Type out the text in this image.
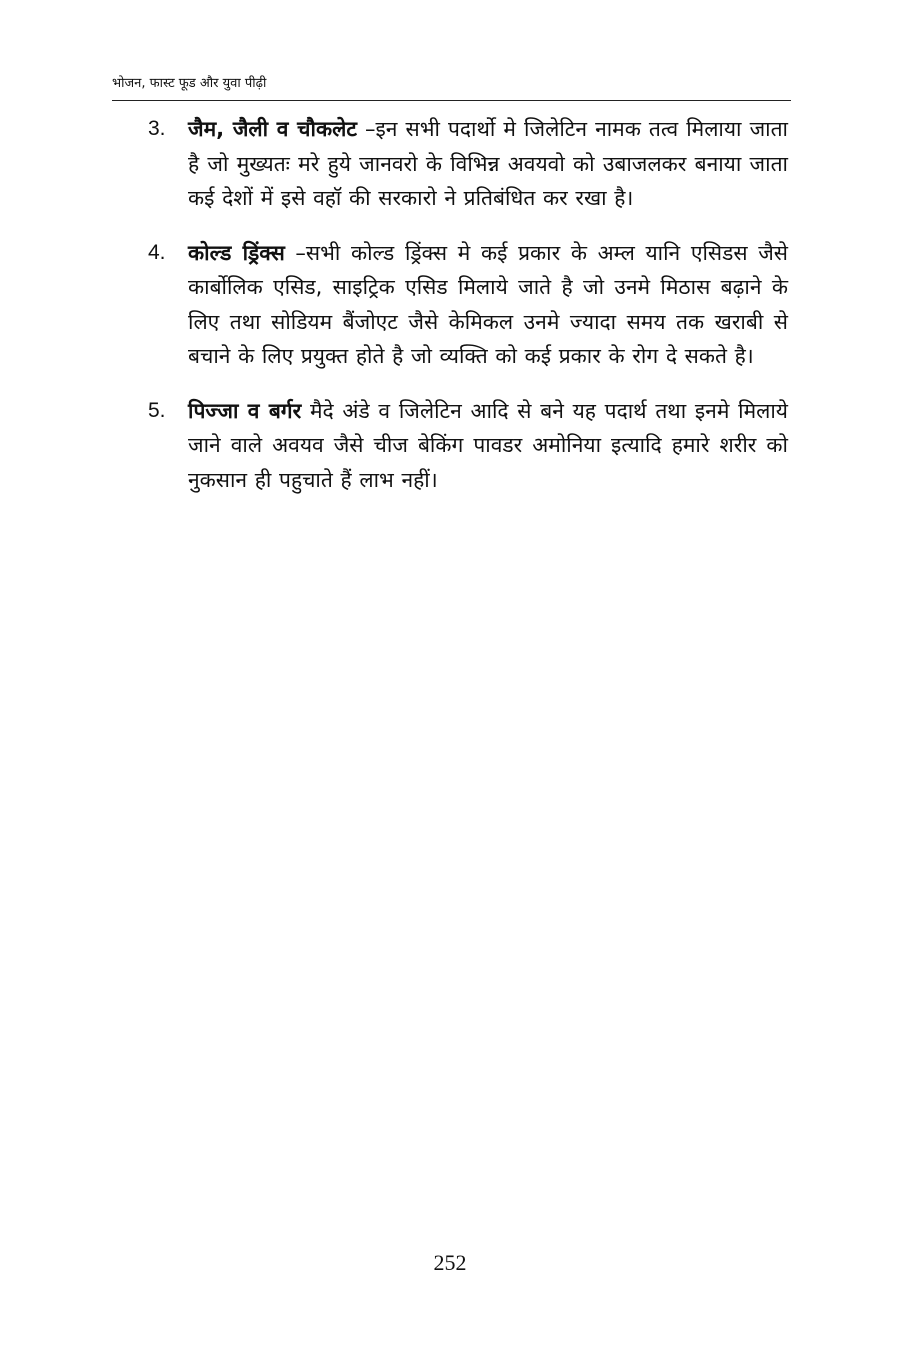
भोजन, फास्ट फूड और युवा पीढ़ी
3.	जैम, जैली व चौकलेट –इन सभी पदार्थो मे जिलेटिन नामक तत्व मिलाया जाता है जो मुख्यतः मरे हुये जानवरो के विभिन्न अवयवो को उबाजलकर बनाया जाता कई देशों में इसे वहॉ की सरकारो ने प्रतिबंधित कर रखा है।
4.	कोल्ड ड्रिंक्स –सभी कोल्ड ड्रिंक्स मे कई प्रकार के अम्ल यानि एसिडस जैसे कार्बोलिक एसिड, साइट्रिक एसिड मिलाये जाते है जो उनमे मिठास बढ़ाने के लिए तथा सोडियम बैंजोएट जैसे केमिकल उनमे ज्यादा समय तक खराबी से बचाने के लिए प्रयुक्त होते है जो व्यक्ति को कई प्रकार के रोग दे सकते है।
5.	पिज्जा व बर्गर मैदे अंडे व जिलेटिन आदि से बने यह पदार्थ तथा इनमे मिलाये जाने वाले अवयव जैसे चीज बेकिंग पावडर अमोनिया इत्यादि हमारे शरीर को नुकसान ही पहुचाते हैं लाभ नहीं।
252
